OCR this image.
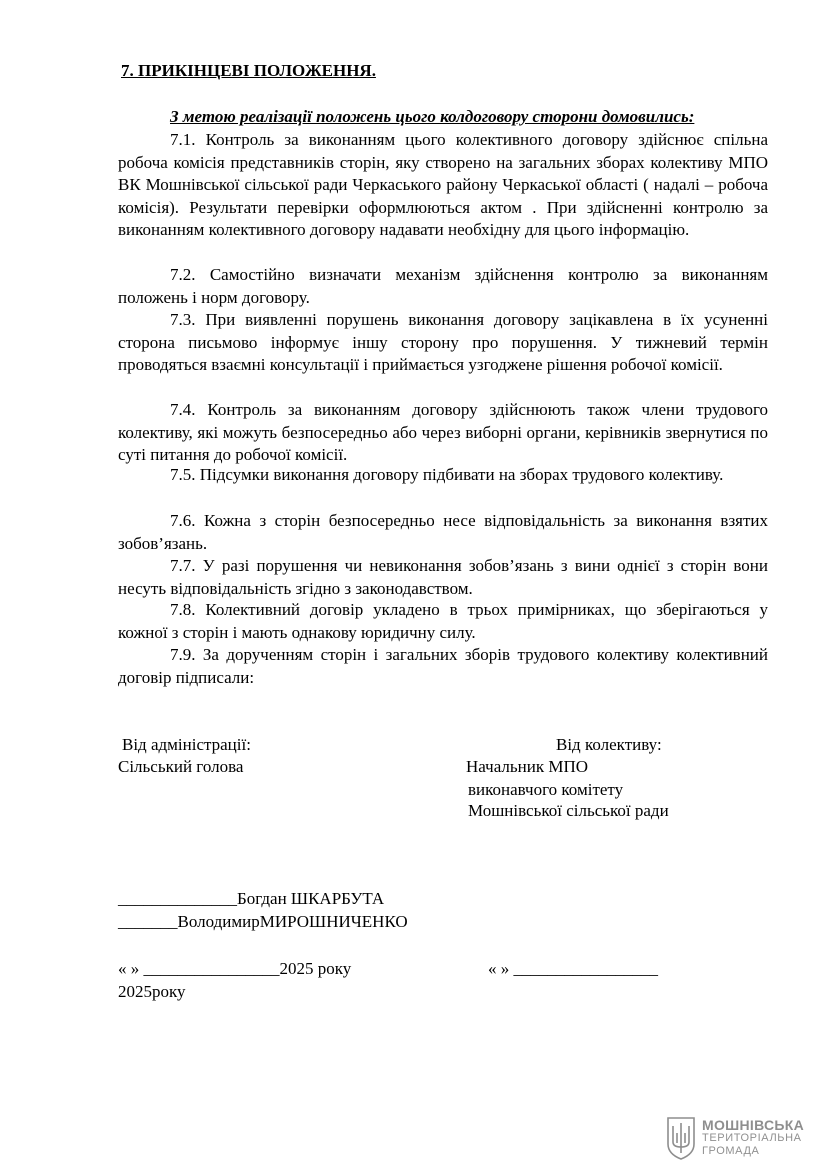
7. ПРИКІНЦЕВІ ПОЛОЖЕННЯ.
З метою реалізації положень цього колдоговору сторони домовились:
7.1. Контроль за виконанням цього колективного договору здійснює спільна робоча комісія представників сторін, яку створено на загальних зборах колективу МПО ВК Мошнівської сільської ради Черкаського району Черкаської області ( надалі – робоча комісія). Результати перевірки оформлюються актом . При здійсненні контролю за виконанням колективного договору надавати необхідну для цього інформацію.
7.2. Самостійно визначати механізм здійснення контролю за виконанням положень і норм договору.
7.3. При виявленні порушень виконання договору зацікавлена в їх усуненні сторона письмово інформує іншу сторону про порушення. У тижневий термін проводяться взаємні консультації і приймається узгоджене рішення робочої комісії.
7.4. Контроль за виконанням договору здійснюють також члени трудового колективу, які можуть безпосередньо або через виборні органи, керівників звернутися по суті питання до робочої комісії.
7.5. Підсумки виконання договору підбивати на зборах трудового колективу.
7.6. Кожна з сторін безпосередньо несе відповідальність за виконання взятих зобов’язань.
7.7. У разі порушення чи невиконання зобов’язань з вини однієї з сторін вони несуть відповідальність згідно з законодавством.
7.8. Колективний договір укладено в трьох примірниках, що зберігаються у кожної з сторін і мають однакову юридичну силу.
7.9. За дорученням сторін і загальних зборів трудового колективу колективний договір підписали:
Від адміністрації:
Сільський голова
Від колективу:
Начальник МПО
виконавчого комітету
Мошнівської сільської ради
______________Богдан ШКАРБУТА
_______ВолодимирМИРОШНИЧЕНКО
« » ________________2025 року	« » _________________
2025року
МОШНІВСЬКА
ТЕРИТОРІАЛЬНА
ГРОМАДА
